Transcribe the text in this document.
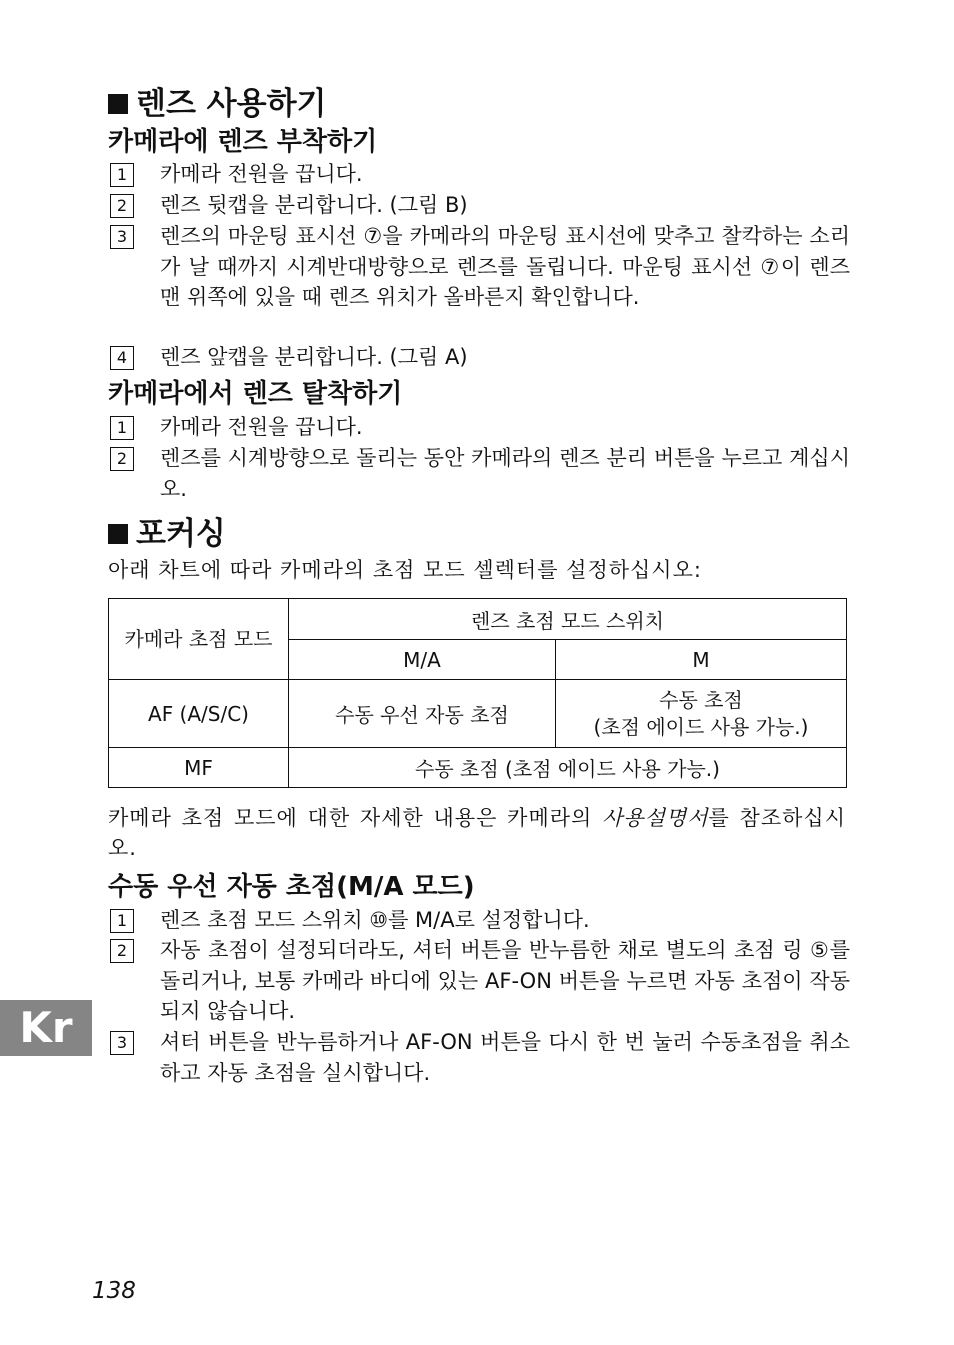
렌즈 사용하기
카메라에 렌즈 부착하기
1	카메라 전원을 끕니다.
2	렌즈 뒷캡을 분리합니다. (그림 B)
3	렌즈의 마운팅 표시선 ⑦을 카메라의 마운팅 표시선에 맞추고 찰칵하는 소리가 날 때까지 시계반대방향으로 렌즈를 돌립니다. 마운팅 표시선 ⑦이 렌즈 맨 위쪽에 있을 때 렌즈 위치가 올바른지 확인합니다.
4	렌즈 앞캡을 분리합니다. (그림 A)
카메라에서 렌즈 탈착하기
1	카메라 전원을 끕니다.
2	렌즈를 시계방향으로 돌리는 동안 카메라의 렌즈 분리 버튼을 누르고 계십시오.
포커싱
아래 차트에 따라 카메라의 초점 모드 셀렉터를 설정하십시오:
카메라 초점 모드	렌즈 초점 모드 스위치	
	M/A	M
AF (A/S/C)	수동 우선 자동 초점	수동 초점
(초점 에이드 사용 가능.)

MF	수동 초점 (초점 에이드 사용 가능.)	
카메라 초점 모드에 대한 자세한 내용은 카메라의 사용설명서를 참조하십시오.
수동 우선 자동 초점(M/A 모드)
1	렌즈 초점 모드 스위치 ⑩를 M/A로 설정합니다.
2	자동 초점이 설정되더라도, 셔터 버튼을 반누름한 채로 별도의 초점 링 ⑤를 돌리거나, 보통 카메라 바디에 있는 AF-ON 버튼을 누르면 자동 초점이 작동되지 않습니다.
3	셔터 버튼을 반누름하거나 AF-ON 버튼을 다시 한 번 눌러 수동초점을 취소하고 자동 초점을 실시합니다.
Kr
138
